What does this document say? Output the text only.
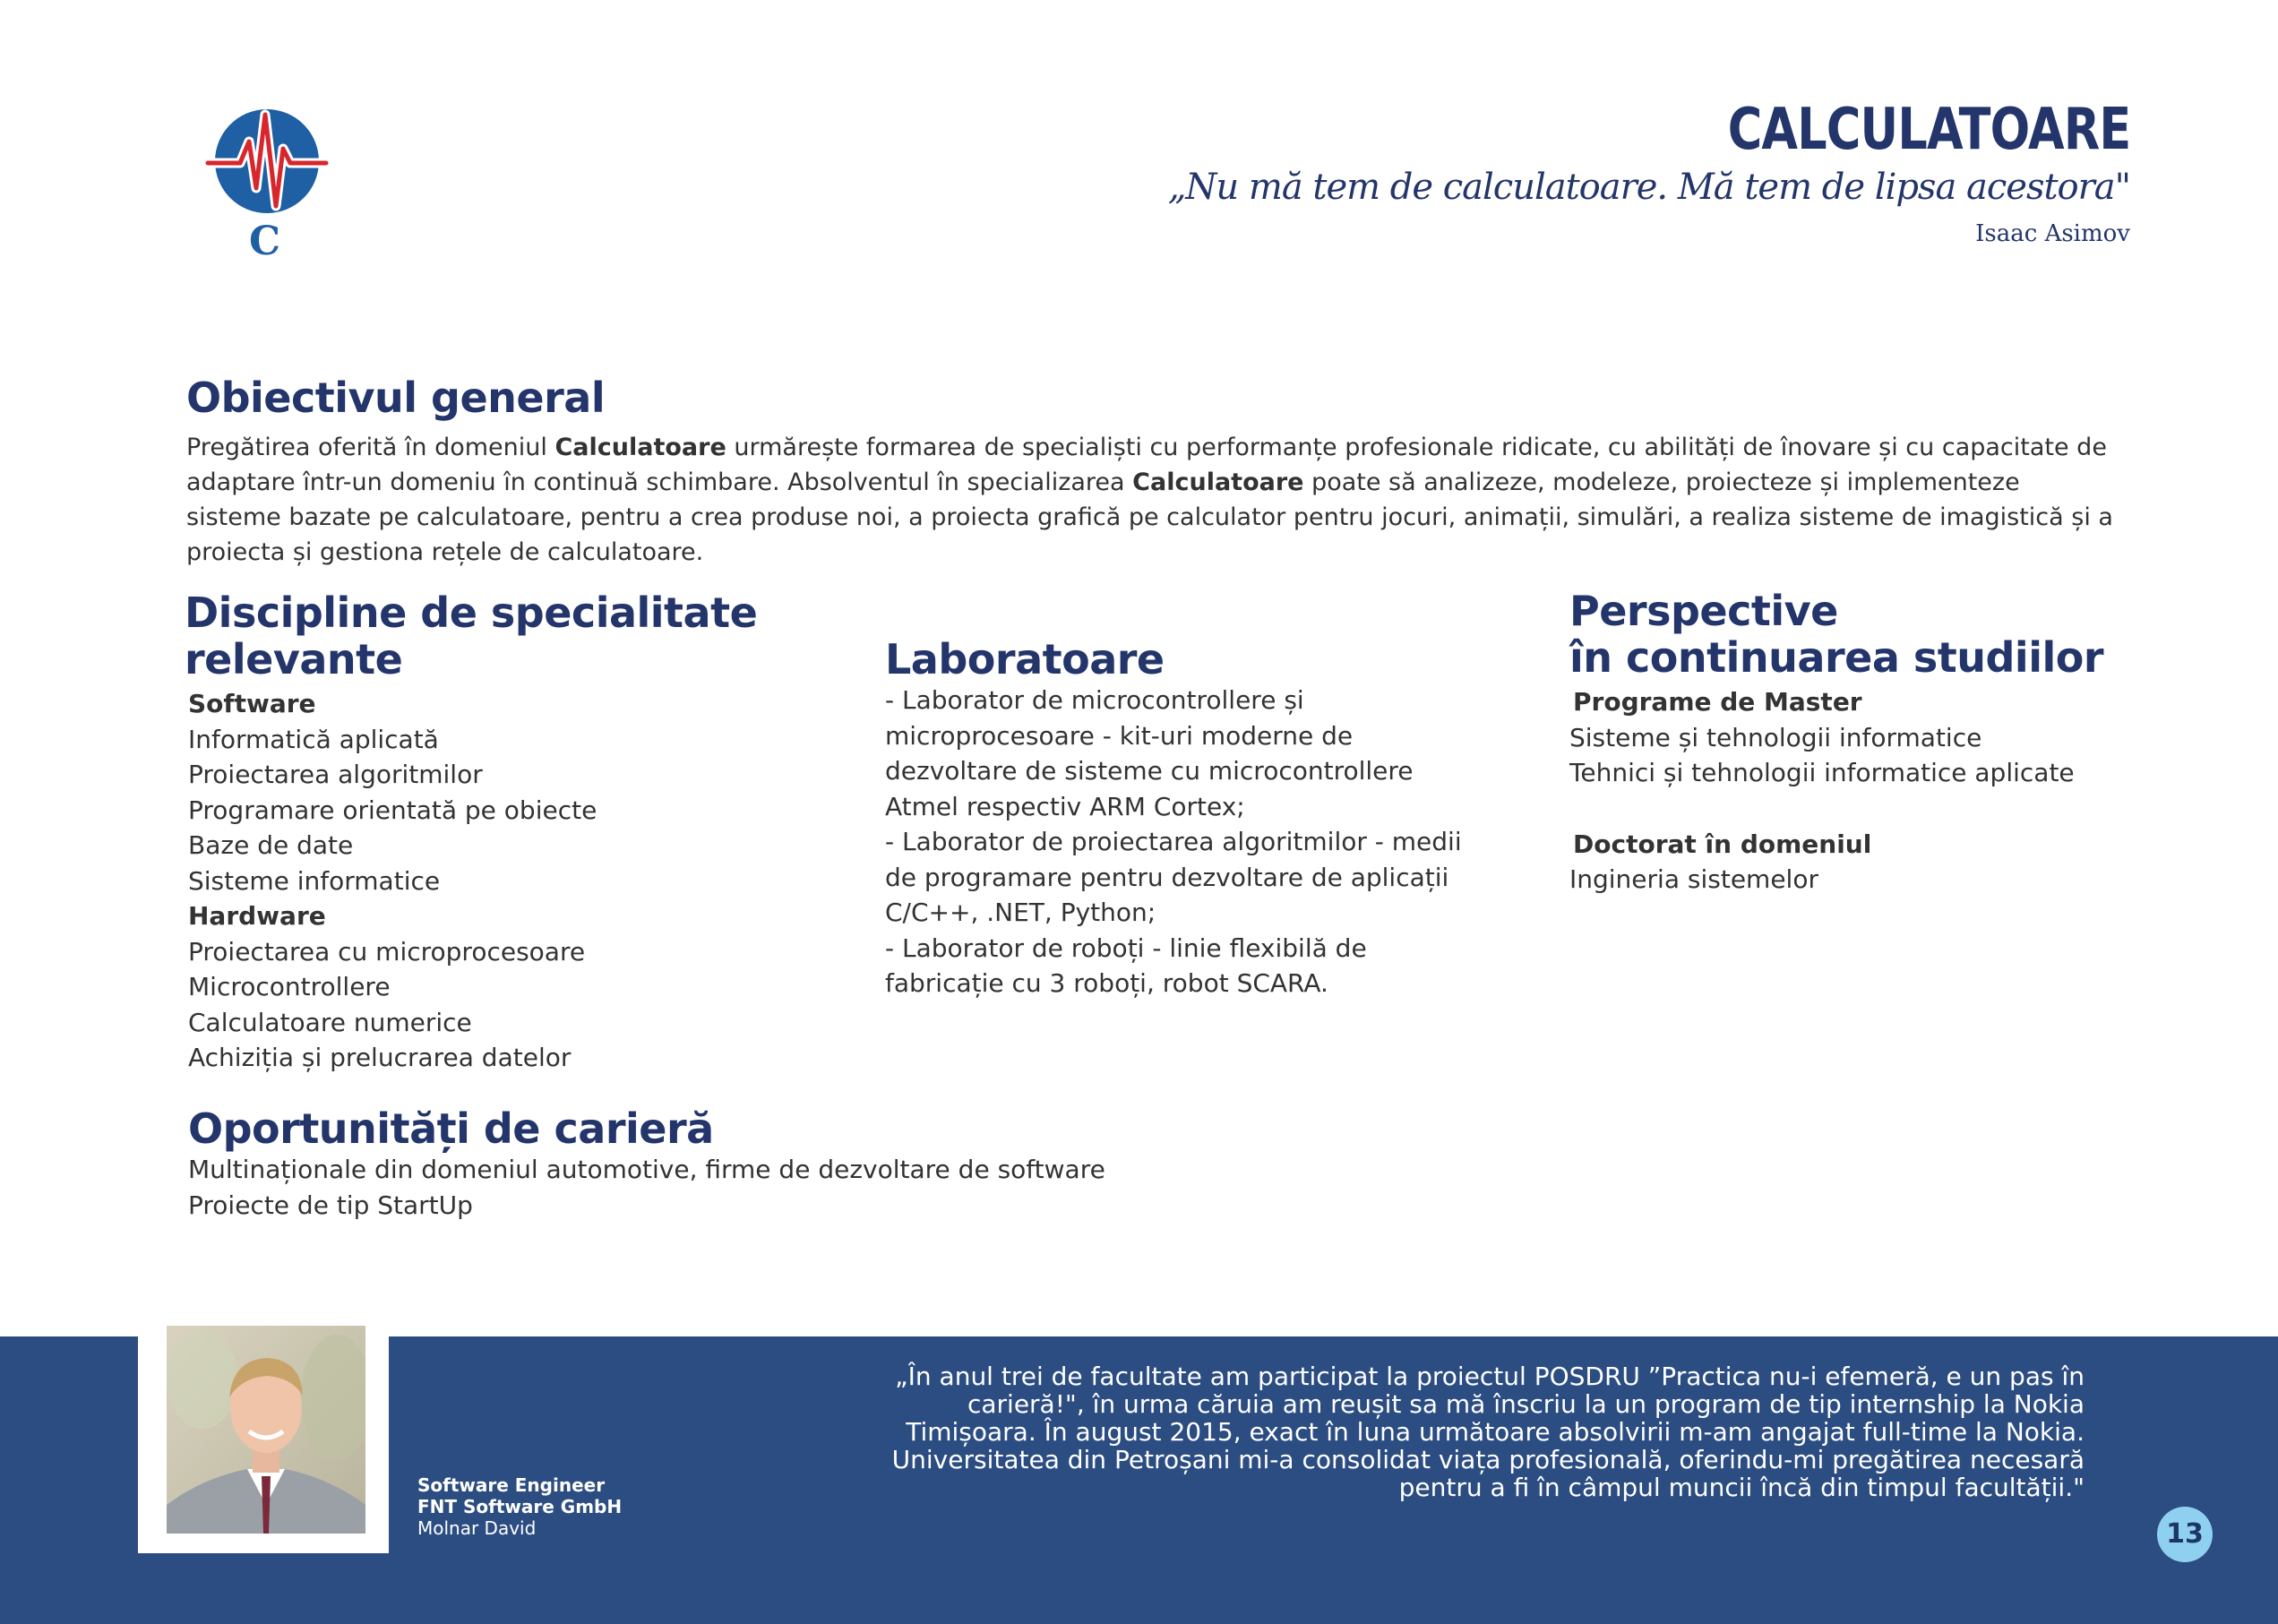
C
CALCULATOARE
„Nu mă tem de calculatoare. Mă tem de lipsa acestora"
Isaac Asimov
Obiectivul general
Pregătirea oferită în domeniul Calculatoare urmărește formarea de specialiști cu performanțe profesionale ridicate, cu abilități de înovare și cu capacitate de adaptare într-un domeniu în continuă schimbare. Absolventul în specializarea Calculatoare poate să analizeze, modeleze, proiecteze și implementeze sisteme bazate pe calculatoare, pentru a crea produse noi, a proiecta grafică pe calculator pentru jocuri, animații, simulări, a realiza sisteme de imagistică și a proiecta și gestiona rețele de calculatoare.
Discipline de specialitate
relevante
Software
Informatică aplicată
Proiectarea algoritmilor
Programare orientată pe obiecte
Baze de date
Sisteme informatice
Hardware
Proiectarea cu microprocesoare
Microcontrollere
Calculatoare numerice
Achiziția și prelucrarea datelor
Laboratoare

- Laborator de microcontrollere și

microprocesoare - kit-uri moderne de

dezvoltare de sisteme cu microcontrollere

Atmel respectiv ARM Cortex;

- Laborator de proiectarea algoritmilor - medii

de programare pentru dezvoltare de aplicații

C/C++, .NET, Python;

- Laborator de roboți - linie flexibilă de

fabricație cu 3 roboți, robot SCARA.

Perspective
în continuarea studiilor
Programe de Master
Sisteme și tehnologii informatice
Tehnici și tehnologii informatice aplicate
Doctorat în domeniul
Ingineria sistemelor
Oportunități de carieră
Multinaționale din domeniul automotive, firme de dezvoltare de software
Proiecte de tip StartUp
Software Engineer
FNT Software GmbH
Molnar David
„În anul trei de facultate am participat la proiectul POSDRU ”Practica nu-i efemeră, e un pas în carieră!", în urma căruia am reușit sa mă înscriu la un program de tip internship la Nokia Timișoara. În august 2015, exact în luna următoare absolvirii m-am angajat full-time la Nokia. Universitatea din Petroșani mi-a consolidat viața profesională, oferindu-mi pregătirea necesară pentru a fi în câmpul muncii încă din timpul facultății."
13
